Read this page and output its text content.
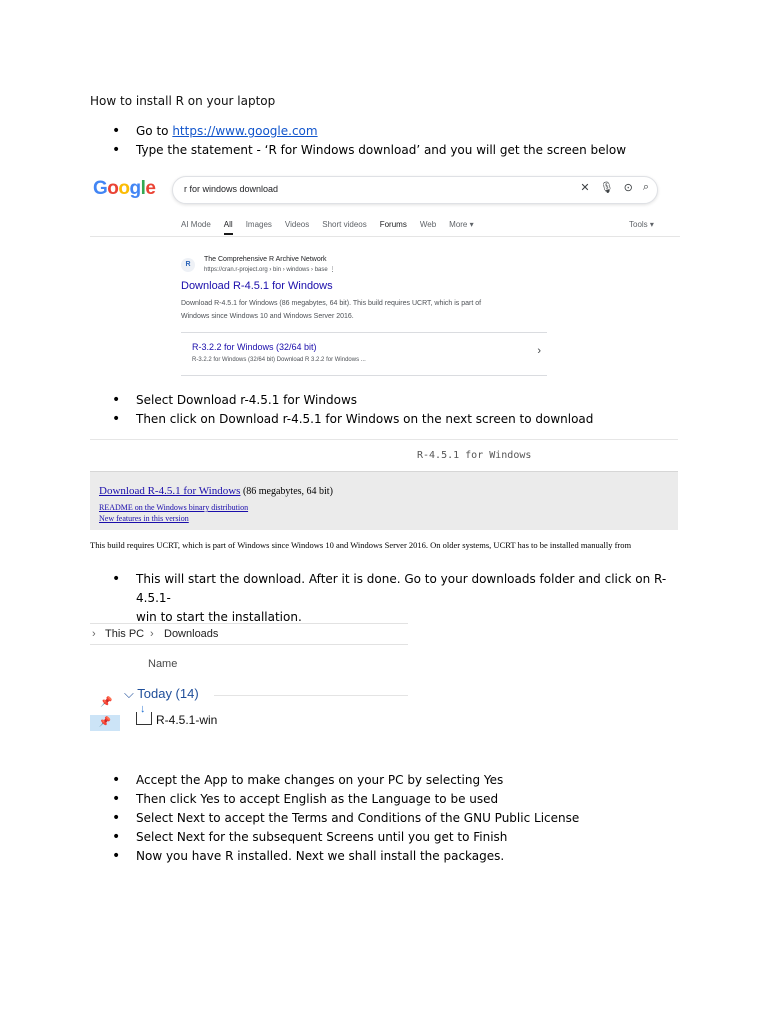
How to install R on your laptop
• Go to https://www.google.com
• Type the statement - ‘R for Windows download’ and you will get the screen below
Google	r for windows download	✕ 🎙 ⊙ ⌕
AI Mode All Images Videos Short videos Forums Web More ▾	Tools ▾
R
The Comprehensive R Archive Network
https://cran.r-project.org › bin › windows › base ⋮
Download R-4.5.1 for Windows
Download R-4.5.1 for Windows (86 megabytes, 64 bit). This build requires UCRT, which is part of
Windows since Windows 10 and Windows Server 2016.
R-3.2.2 for Windows (32/64 bit)
R-3.2.2 for Windows (32/64 bit) Download R 3.2.2 for Windows ...
›
• Select Download r-4.5.1 for Windows
• Then click on Download r-4.5.1 for Windows on the next screen to download
R-4.5.1 for Windows
Download R-4.5.1 for Windows (86 megabytes, 64 bit)
README on the Windows binary distribution
New features in this version
This build requires UCRT, which is part of Windows since Windows 10 and Windows Server 2016. On older systems, UCRT has to be installed manually from
• This will start the download. After it is done. Go to your downloads folder and click on R-4.5.1-
win to start the installation.
› This PC › Downloads
Name
⌵ Today (14)
📌
📌
↓	R-4.5.1-win
• Accept the App to make changes on your PC by selecting Yes
• Then click Yes to accept English as the Language to be used
• Select Next to accept the Terms and Conditions of the GNU Public License
• Select Next for the subsequent Screens until you get to Finish
• Now you have R installed. Next we shall install the packages.
